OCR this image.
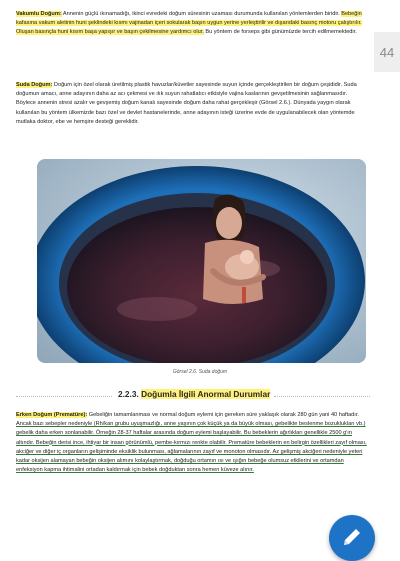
44

Vakumlu Doğum: Annenin güçlü ıkınamadığı, ikinci evredeki doğum süresinin uzaması durumunda kullanılan yöntemlerden biridir. Bebeğin kafasına vakum aletinin huni şeklindeki kısmı vajinadan içeri sokularak başın uygun yerine yerleştirilir ve dışarıdaki basınç motoru çalıştırılır. Oluşan basınçla huni kısım başa yapışır ve başın çekilmesine yardımcı olur. Bu yöntem de forseps gibi günümüzde tercih edilmemektedir.

Suda Doğum: Doğum için özel olarak üretilmiş plastik havuzlar/küvetler sayesinde suyun içinde gerçekleştirilen bir doğum çeşididir. Suda doğumun amacı, anne adayının daha az acı çekmesi ve ılık suyun rahatlatıcı etkisiyle vajina kaslarının gevşetilmesinin sağlanmasıdır. Böylece annenin stresi azalır ve gevşemiş doğum kanalı sayesinde doğum daha rahat gerçekleşir (Görsel 2.6.). Dünyada yaygın olarak kullanılan bu yöntem ülkemizde bazı özel ve devlet hastanelerinde, anne adayının isteği üzerine evde de uygulanabilecek olan yöntemde mutlaka doktor, ebe ve hemşire desteği gereklidir.

Görsel 2.6. Suda doğum
2.2.3. Doğumla İlgili Anormal Durumlar

Erken Doğum (Prematüre): Gebeliğin tamamlanması ve normal doğum eylemi için gereken süre yaklaşık olarak 280 gün yani 40 haftadır. Ancak bazı sebepler nedeniyle (Rh/kan grubu uyuşmazlığı, anne yaşının çok küçük ya da büyük olması, gebelikte beslenme bozuklukları vb.) gebelik daha erken sonlanabilir. Örneğin 28-37 haftalar arasında doğum eylemi başlayabilir. Bu bebeklerin ağırlıkları genellikle 2500 g'ın altındır. Bebeğin derisi ince, ihtiyar bir insan görünümlü, pembe-kırmızı renkte olabilir. Prematüre bebeklerin en belirgin özellikleri zayıf olması, akciğer ve diğer iç organların gelişiminde eksiklik bulunması, ağlamalarının zayıf ve monoton olmasıdır. Az gelişmiş akciğeri nedeniyle yeteri kadar oksijen alamayan bebeğin oksijen alımını kolaylaştırmak, doğduğu ortamın ısı ve ışığın bebeğe olumsuz etkilerini ve ortamdan enfeksiyon kapma ihtimalini ortadan kaldırmak için bebek doğduktan sonra hemen küveze alınır.
